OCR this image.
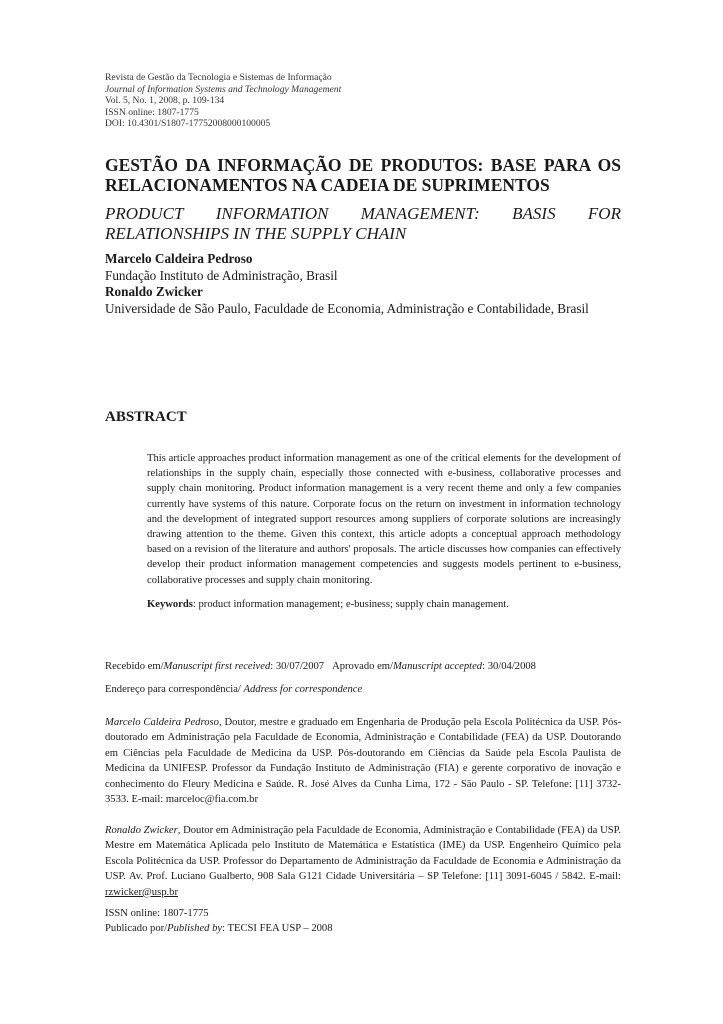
Revista de Gestão da Tecnologia e Sistemas de Informação
Journal of Information Systems and Technology Management
Vol. 5, No. 1, 2008, p. 109-134
ISSN online: 1807-1775
DOI: 10.4301/S1807-17752008000100005
GESTÃO DA INFORMAÇÃO DE PRODUTOS: BASE PARA OS RELACIONAMENTOS NA CADEIA DE SUPRIMENTOS
PRODUCT INFORMATION MANAGEMENT: BASIS FOR
RELATIONSHIPS IN THE SUPPLY CHAIN
Marcelo Caldeira Pedroso
Fundação Instituto de Administração, Brasil
Ronaldo Zwicker
Universidade de São Paulo, Faculdade de Economia, Administração e Contabilidade, Brasil
ABSTRACT
This article approaches product information management as one of the critical elements for the development of relationships in the supply chain, especially those connected with e-business, collaborative processes and supply chain monitoring. Product information management is a very recent theme and only a few companies currently have systems of this nature. Corporate focus on the return on investment in information technology and the development of integrated support resources among suppliers of corporate solutions are increasingly drawing attention to the theme. Given this context, this article adopts a conceptual approach methodology based on a revision of the literature and authors' proposals. The article discusses how companies can effectively develop their product information management competencies and suggests models pertinent to e-business, collaborative processes and supply chain monitoring.
Keywords: product information management; e-business; supply chain management.
Recebido em/Manuscript first received: 30/07/2007 Aprovado em/Manuscript accepted: 30/04/2008
Endereço para correspondência/ Address for correspondence
Marcelo Caldeira Pedroso, Doutor, mestre e graduado em Engenharia de Produção pela Escola Politécnica da USP. Pós-doutorado em Administração pela Faculdade de Economia, Administração e Contabilidade (FEA) da USP. Doutorando em Ciências pela Faculdade de Medicina da USP. Pós-doutorando em Ciências da Saúde pela Escola Paulista de Medicina da UNIFESP. Professor da Fundação Instituto de Administração (FIA) e gerente corporativo de inovação e conhecimento do Fleury Medicina e Saúde. R. José Alves da Cunha Lima, 172 - São Paulo - SP. Telefone: [11] 3732-3533. E-mail: marceloc@fia.com.br
Ronaldo Zwicker, Doutor em Administração pela Faculdade de Economia, Administração e Contabilidade (FEA) da USP. Mestre em Matemática Aplicada pelo Instituto de Matemática e Estatística (IME) da USP. Engenheiro Químico pela Escola Politécnica da USP. Professor do Departamento de Administração da Faculdade de Economia e Administração da USP. Av. Prof. Luciano Gualberto, 908 Sala G121 Cidade Universitária – SP Telefone: [11] 3091-6045 / 5842. E-mail: rzwicker@usp.br
ISSN online: 1807-1775
Publicado por/Published by: TECSI FEA USP – 2008
